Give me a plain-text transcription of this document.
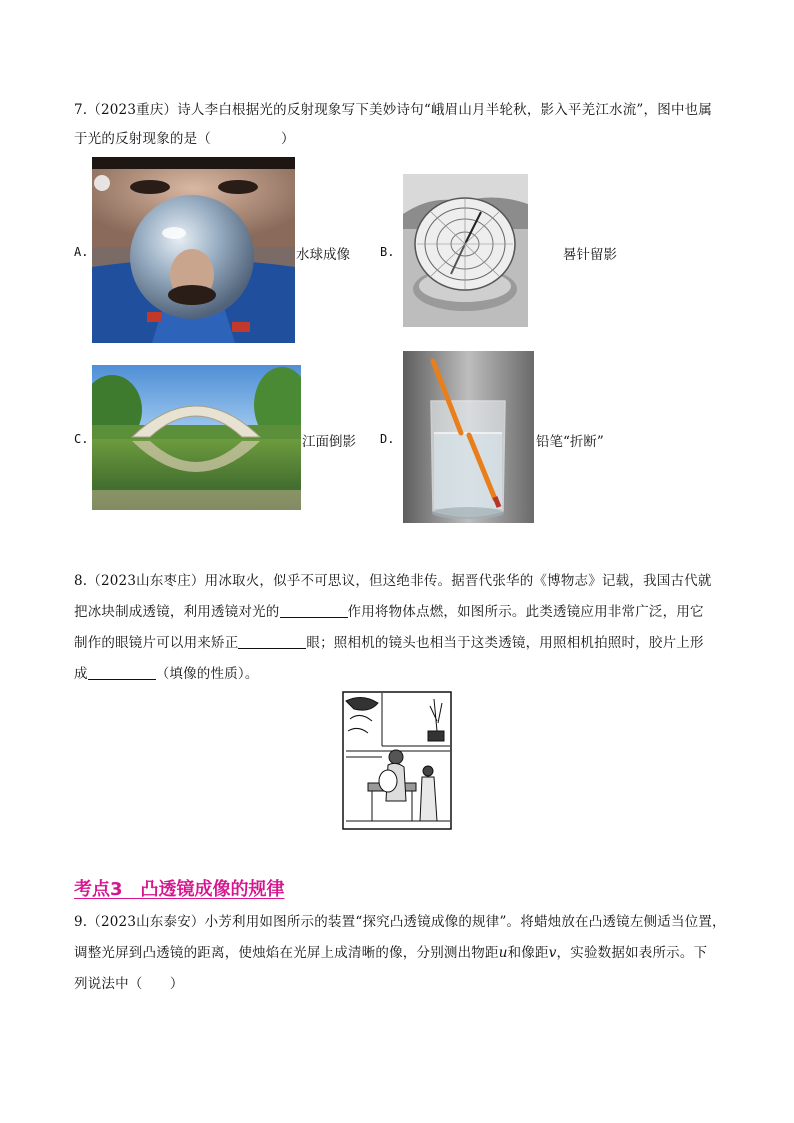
7.（2023重庆）诗人李白根据光的反射现象写下美妙诗句“峨眉山月半轮秋，影入平羌江水流”，图中也属
于光的反射现象的是（	）
A.	水球成像	B.	晷针留影
C.	江面倒影 D.	铅笔“折断”
8.（2023山东枣庄）用冰取火，似乎不可思议，但这绝非传。据晋代张华的《博物志》记载，我国古代就
把冰块制成透镜，利用透镜对光的	作用将物体点燃，如图所示。此类透镜应用非常广泛，用它
制作的眼镜片可以用来矫正	眼；照相机的镜头也相当于这类透镜，用照相机拍照时，胶片上形
成	（填像的性质）。
考点3　凸透镜成像的规律
9.（2023山东泰安）小芳利用如图所示的装置“探究凸透镜成像的规律”。将蜡烛放在凸透镜左侧适当位置，
调整光屏到凸透镜的距离，使烛焰在光屏上成清晰的像，分别测出物距u和像距v，实验数据如表所示。下
列说法中（　　）
